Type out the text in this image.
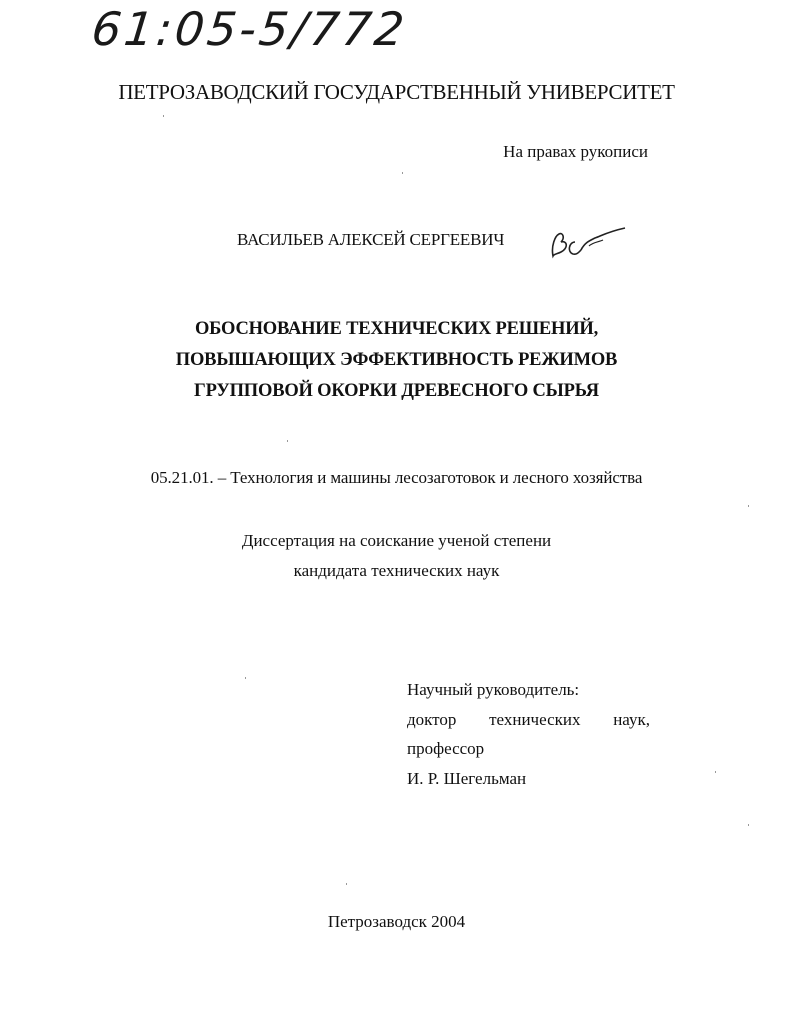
61:05-5/772
ПЕТРОЗАВОДСКИЙ ГОСУДАРСТВЕННЫЙ УНИВЕРСИТЕТ
На правах рукописи
ВАСИЛЬЕВ АЛЕКСЕЙ СЕРГЕЕВИЧ
ОБОСНОВАНИЕ ТЕХНИЧЕСКИХ РЕШЕНИЙ,
ПОВЫШАЮЩИХ ЭФФЕКТИВНОСТЬ РЕЖИМОВ
ГРУППОВОЙ ОКОРКИ ДРЕВЕСНОГО СЫРЬЯ
05.21.01. – Технология и машины лесозаготовок и лесного хозяйства
Диссертация на соискание ученой степени
кандидата технических наук
Научный руководитель:
доктор технических наук,
профессор
И. Р. Шегельман
Петрозаводск 2004
